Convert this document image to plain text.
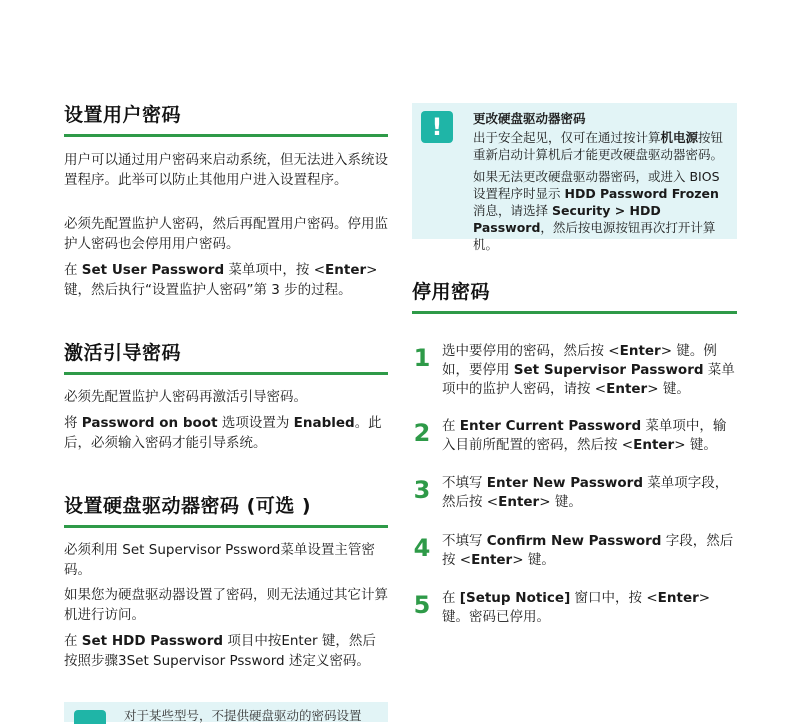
设置用户密码

用户可以通过用户密码来启动系统，但无法进入系统设置程序。此举可以防止其他用户进入设置程序。

必须先配置监护人密码，然后再配置用户密码。停用监护人密码也会停用用户密码。

在 Set User Password 菜单项中，按 <Enter> 键，然后执行“设置监护人密码”第 3 步的过程。

激活引导密码

必须先配置监护人密码再激活引导密码。

将 Password on boot 选项设置为 Enabled。此后，必须输入密码才能引导系统。

设置硬盘驱动器密码 (可选 )

必须利用 Set Supervisor Pssword菜单设置主管密码。

如果您为硬盘驱动器设置了密码，则无法通过其它计算机进行访问。

在 Set HDD Password 项目中按Enter 键，然后按照步骤3Set Supervisor Pssword 述定义密码。

对于某些型号，不提供硬盘驱动的密码设置
!	更改硬盘驱动器密码
出于安全起见，仅可在通过按计算机电源按钮重新启动计算机后才能更改硬盘驱动器密码。
如果无法更改硬盘驱动器密码，或进入 BIOS 设置程序时显示 HDD Password Frozen 消息，请选择 Security > HDD Password，然后按电源按钮再次打开计算机。
停用密码
1 选中要停用的密码，然后按 <Enter> 键。例如，要停用 Set Supervisor Password 菜单项中的监护人密码，请按 <Enter> 键。
2 在 Enter Current Password 菜单项中，输入目前所配置的密码，然后按 <Enter> 键。
3 不填写 Enter New Password 菜单项字段，然后按 <Enter> 键。
4 不填写 Confirm New Password 字段，然后按 <Enter> 键。
5 在 [Setup Notice] 窗口中，按 <Enter> 键。密码已停用。
